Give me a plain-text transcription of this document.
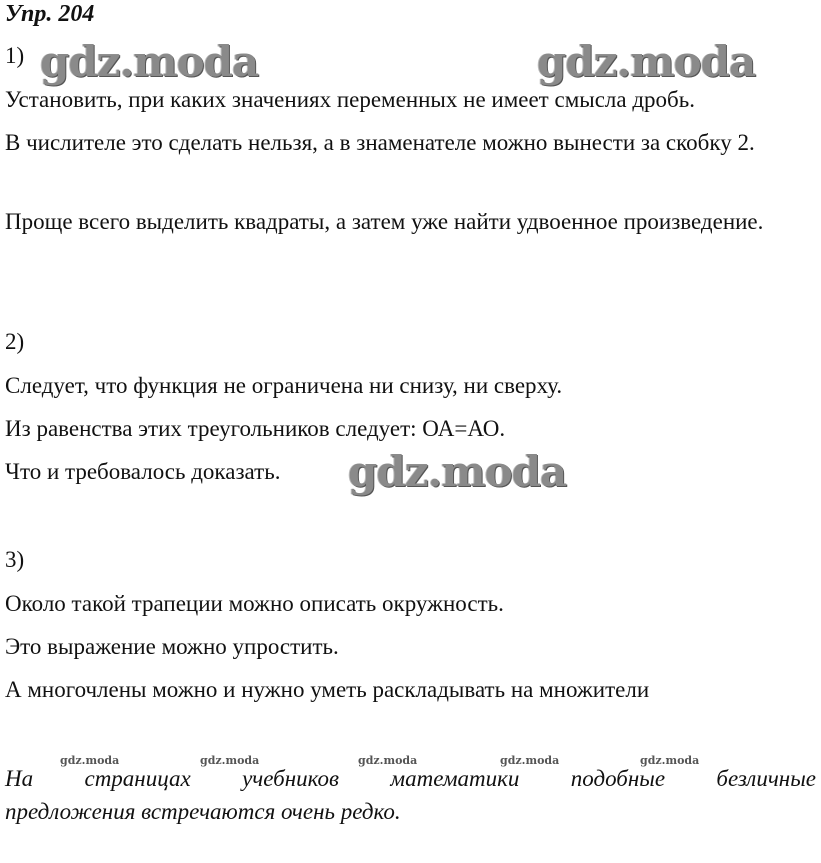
Упр. 204

1)

Установить, при каких значениях переменных не имеет смысла дробь.

В числителе это сделать нельзя, а в знаменателе можно вынести за скобку 2.

Проще всего выделить квадраты, а затем уже найти удвоенное произведение.

2)

Следует, что функция не ограничена ни снизу, ни сверху.

Из равенства этих треугольников следует: ОА=АО.

Что и требовалось доказать.

3)

Около такой трапеции можно описать окружность.

Это выражение можно упростить.

А многочлены можно и нужно уметь раскладывать на множители

На страницах учебников математики подобные безличные

предложения встречаются очень редко.

gdz.moda	gdz.moda
gdz.moda
gdz.moda	gdz.moda	gdz.moda	gdz.moda	gdz.moda
